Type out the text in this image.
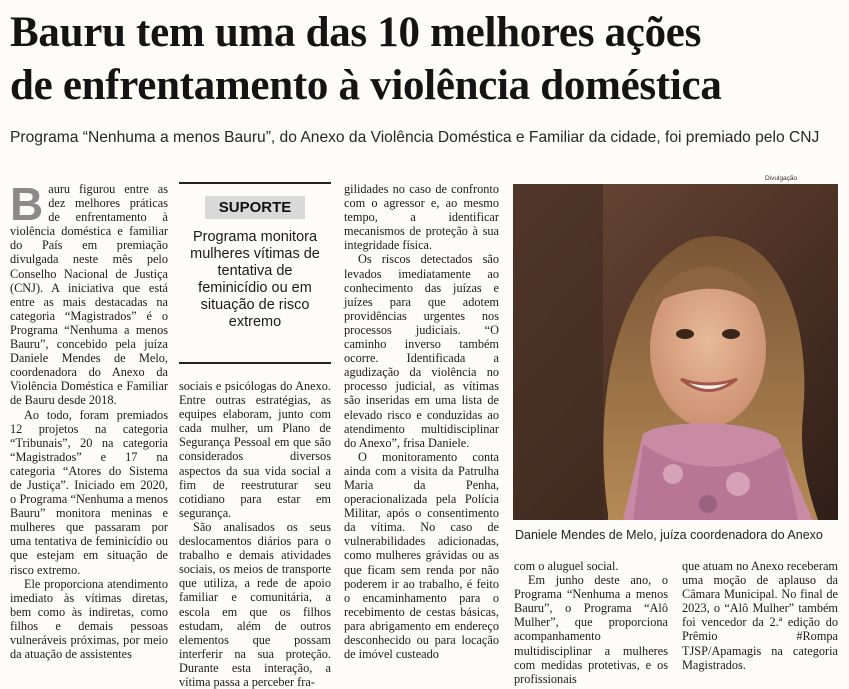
Bauru tem uma das 10 melhores ações
de enfrentamento à violência doméstica

Programa “Nenhuma a menos Bauru”, do Anexo da Violência Doméstica e Familiar da cidade, foi premiado pelo CNJ

Bauru figurou entre as dez melhores práticas de enfrentamento à violência doméstica e familiar do País em premiação divulgada neste mês pelo Conselho Nacional de Justiça (CNJ). A iniciativa que está entre as mais destacadas na categoria “Magistrados” é o Programa “Nenhuma a menos Bauru”, concebido pela juíza Daniele Mendes de Melo, coordenadora do Anexo da Violência Doméstica e Familiar de Bauru desde 2018.

Ao todo, foram premiados 12 projetos na categoria “Tribunais”, 20 na categoria “Magistrados” e 17 na categoria “Atores do Sistema de Justiça”. Iniciado em 2020, o Programa “Nenhuma a menos Bauru” monitora meninas e mulheres que passaram por uma tentativa de feminicídio ou que estejam em situação de risco extremo.

Ele proporciona atendimento imediato às vítimas diretas, bem como às indiretas, como filhos e demais pessoas vulneráveis próximas, por meio da atuação de assistentes

SUPORTE
Programa monitora mulheres vítimas de tentativa de feminicídio ou em situação de risco extremo

sociais e psicólogas do Anexo. Entre outras estratégias, as equipes elaboram, junto com cada mulher, um Plano de Segurança Pessoal em que são considerados diversos aspectos da sua vida social a fim de reestruturar seu cotidiano para estar em segurança.

São analisados os seus deslocamentos diários para o trabalho e demais atividades sociais, os meios de transporte que utiliza, a rede de apoio familiar e comunitária, a escola em que os filhos estudam, além de outros elementos que possam interferir na sua proteção. Durante esta interação, a vítima passa a perceber fra-

gilidades no caso de confronto com o agressor e, ao mesmo tempo, a identificar mecanismos de proteção à sua integridade física.

Os riscos detectados são levados imediatamente ao conhecimento das juízas e juízes para que adotem providências urgentes nos processos judiciais. “O caminho inverso também ocorre. Identificada a agudização da violência no processo judicial, as vítimas são inseridas em uma lista de elevado risco e conduzidas ao atendimento multidisciplinar do Anexo”, frisa Daniele.

O monitoramento conta ainda com a visita da Patrulha Maria da Penha, operacionalizada pela Polícia Militar, após o consentimento da vítima. No caso de vulnerabilidades adicionadas, como mulheres grávidas ou as que ficam sem renda por não poderem ir ao trabalho, é feito o encaminhamento para o recebimento de cestas básicas, para abrigamento em endereço desconhecido ou para locação de imóvel custeado

Divulgação
Daniele Mendes de Melo, juíza coordenadora do Anexo

com o aluguel social.

Em junho deste ano, o Programa “Nenhuma a menos Bauru”, o Programa “Alô Mulher”, que proporciona acompanhamento multidisciplinar a mulheres com medidas protetivas, e os profissionais

que atuam no Anexo receberam uma moção de aplauso da Câmara Municipal. No final de 2023, o “Alô Mulher” também foi vencedor da 2.ª edição do Prêmio #Rompa TJSP/Apamagis na categoria Magistrados.
